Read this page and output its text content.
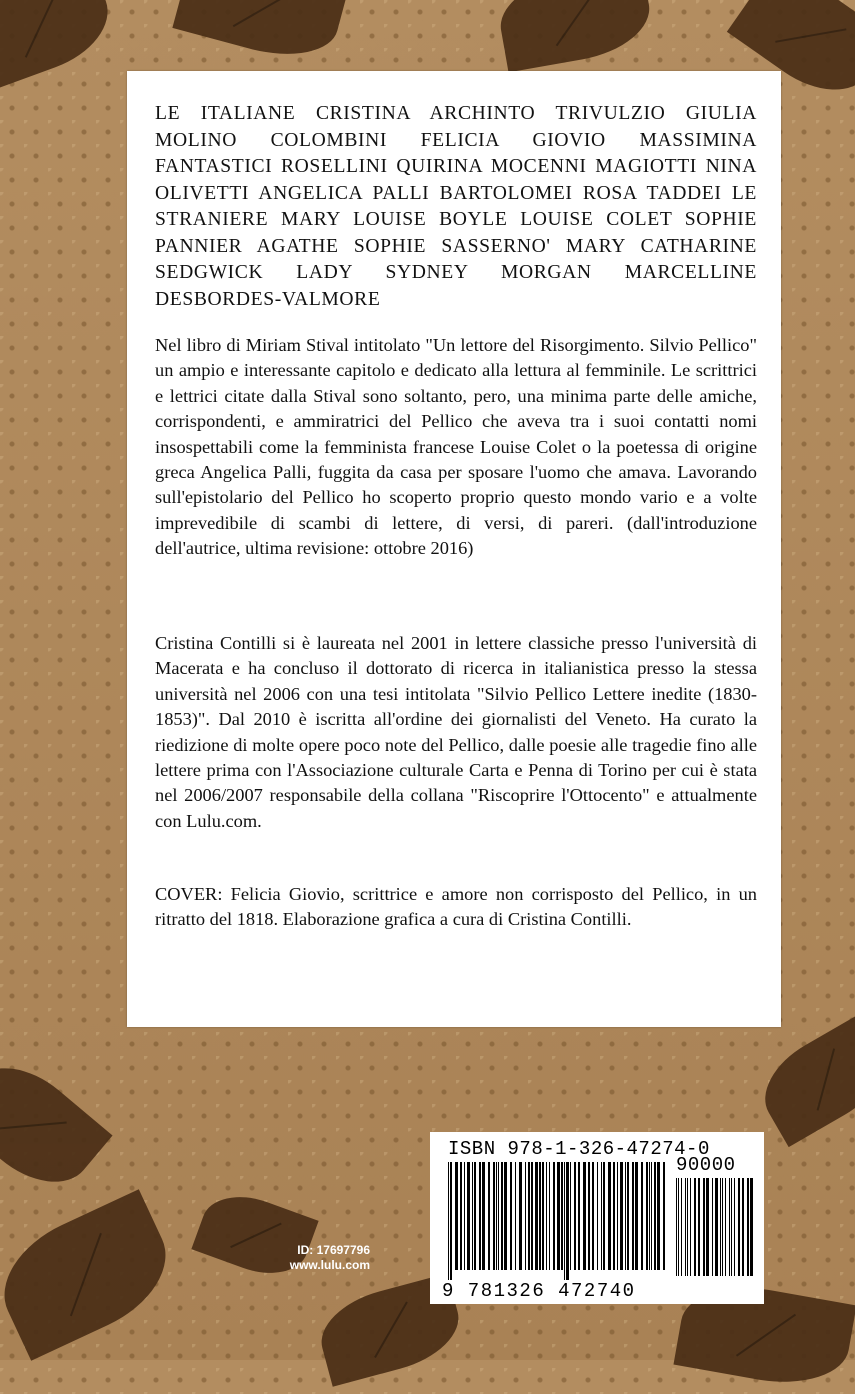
LE ITALIANE CRISTINA ARCHINTO TRIVULZIO GIULIA MOLINO COLOMBINI FELICIA GIOVIO MASSIMINA FANTASTICI ROSELLINI QUIRINA MOCENNI MAGIOTTI NINA OLIVETTI ANGELICA PALLI BARTOLOMEI ROSA TADDEI LE STRANIERE MARY LOUISE BOYLE LOUISE COLET SOPHIE PANNIER AGATHE SOPHIE SASSERNO' MARY CATHARINE SEDGWICK LADY SYDNEY MORGAN MARCELLINE DESBORDES-VALMORE
Nel libro di Miriam Stival intitolato "Un lettore del Risorgimento. Silvio Pellico" un ampio e interessante capitolo e dedicato alla lettura al femminile. Le scrittrici e lettrici citate dalla Stival sono soltanto, pero, una minima parte delle amiche, corrispondenti, e ammiratrici del Pellico che aveva tra i suoi contatti nomi insospettabili come la femminista francese Louise Colet o la poetessa di origine greca Angelica Palli, fuggita da casa per sposare l'uomo che amava. Lavorando sull'epistolario del Pellico ho scoperto proprio questo mondo vario e a volte imprevedibile di scambi di lettere, di versi, di pareri. (dall'introduzione dell'autrice, ultima revisione: ottobre 2016)
Cristina Contilli si è laureata nel 2001 in lettere classiche presso l'università di Macerata e ha concluso il dottorato di ricerca in italianistica presso la stessa università nel 2006 con una tesi intitolata "Silvio Pellico Lettere inedite (1830-1853)". Dal 2010 è iscritta all'ordine dei giornalisti del Veneto. Ha curato la riedizione di molte opere poco note del Pellico, dalle poesie alle tragedie fino alle lettere prima con l'Associazione culturale Carta e Penna di Torino per cui è stata nel 2006/2007 responsabile della collana "Riscoprire l'Ottocento" e attualmente con Lulu.com.
COVER: Felicia Giovio, scrittrice e amore non corrisposto del Pellico, in un ritratto del 1818. Elaborazione grafica a cura di Cristina Contilli.
ID: 17697796
www.lulu.com
ISBN 978-1-326-47274-0
90000
9 781326 472740
